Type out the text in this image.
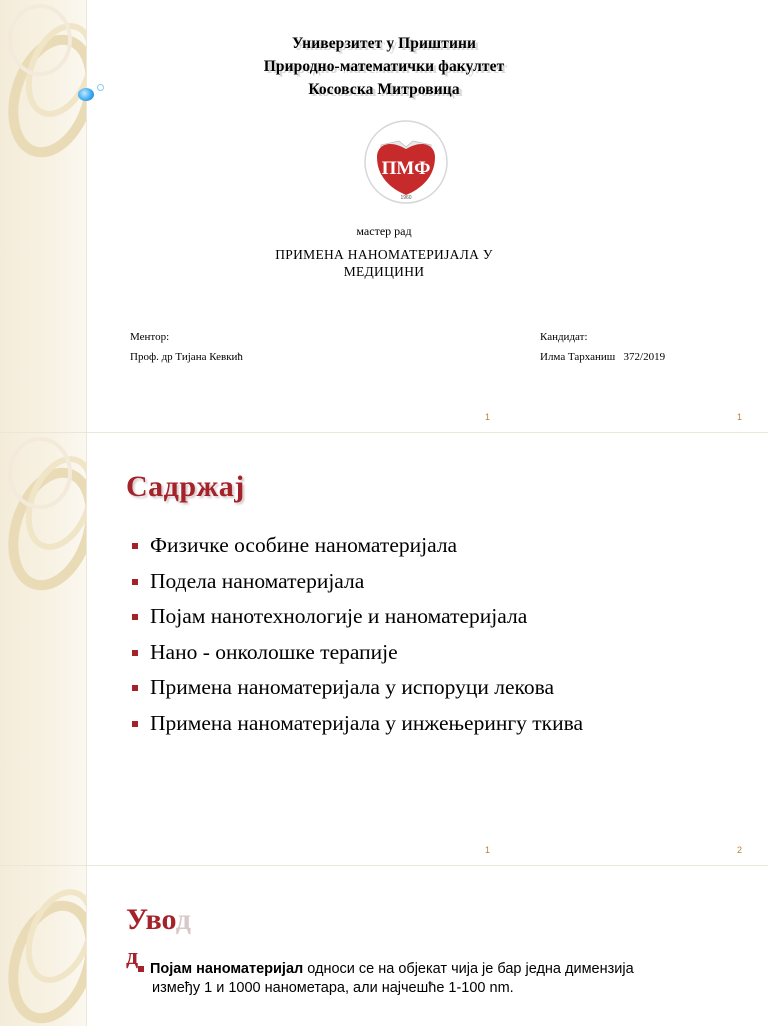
Универзитет у Приштини
Природно-математички факултет
Косовска Митровица
ПМФ
1960
мастер рад
ПРИМЕНА НАНОМАТЕРИЈАЛА У
МЕДИЦИНИ
Ментор:
Проф. др Тијана Кевкић
Кандидат:
Илма Тарханиш 372/2019
1	1
1	2
Садржај
Физичке особине наноматеријала
Подела наноматеријала
Појам нанотехнологије и наноматеријала
Нано - онколошке терапије
Примена наноматеријала у испоруци лекова
Примена наноматеријала у инжењерингу ткива
Увод
д Појам наноматеријал односи се на објекат чија је бар једна димензија
између 1 и 1000 нанометара, али најчешће 1-100 nm.
